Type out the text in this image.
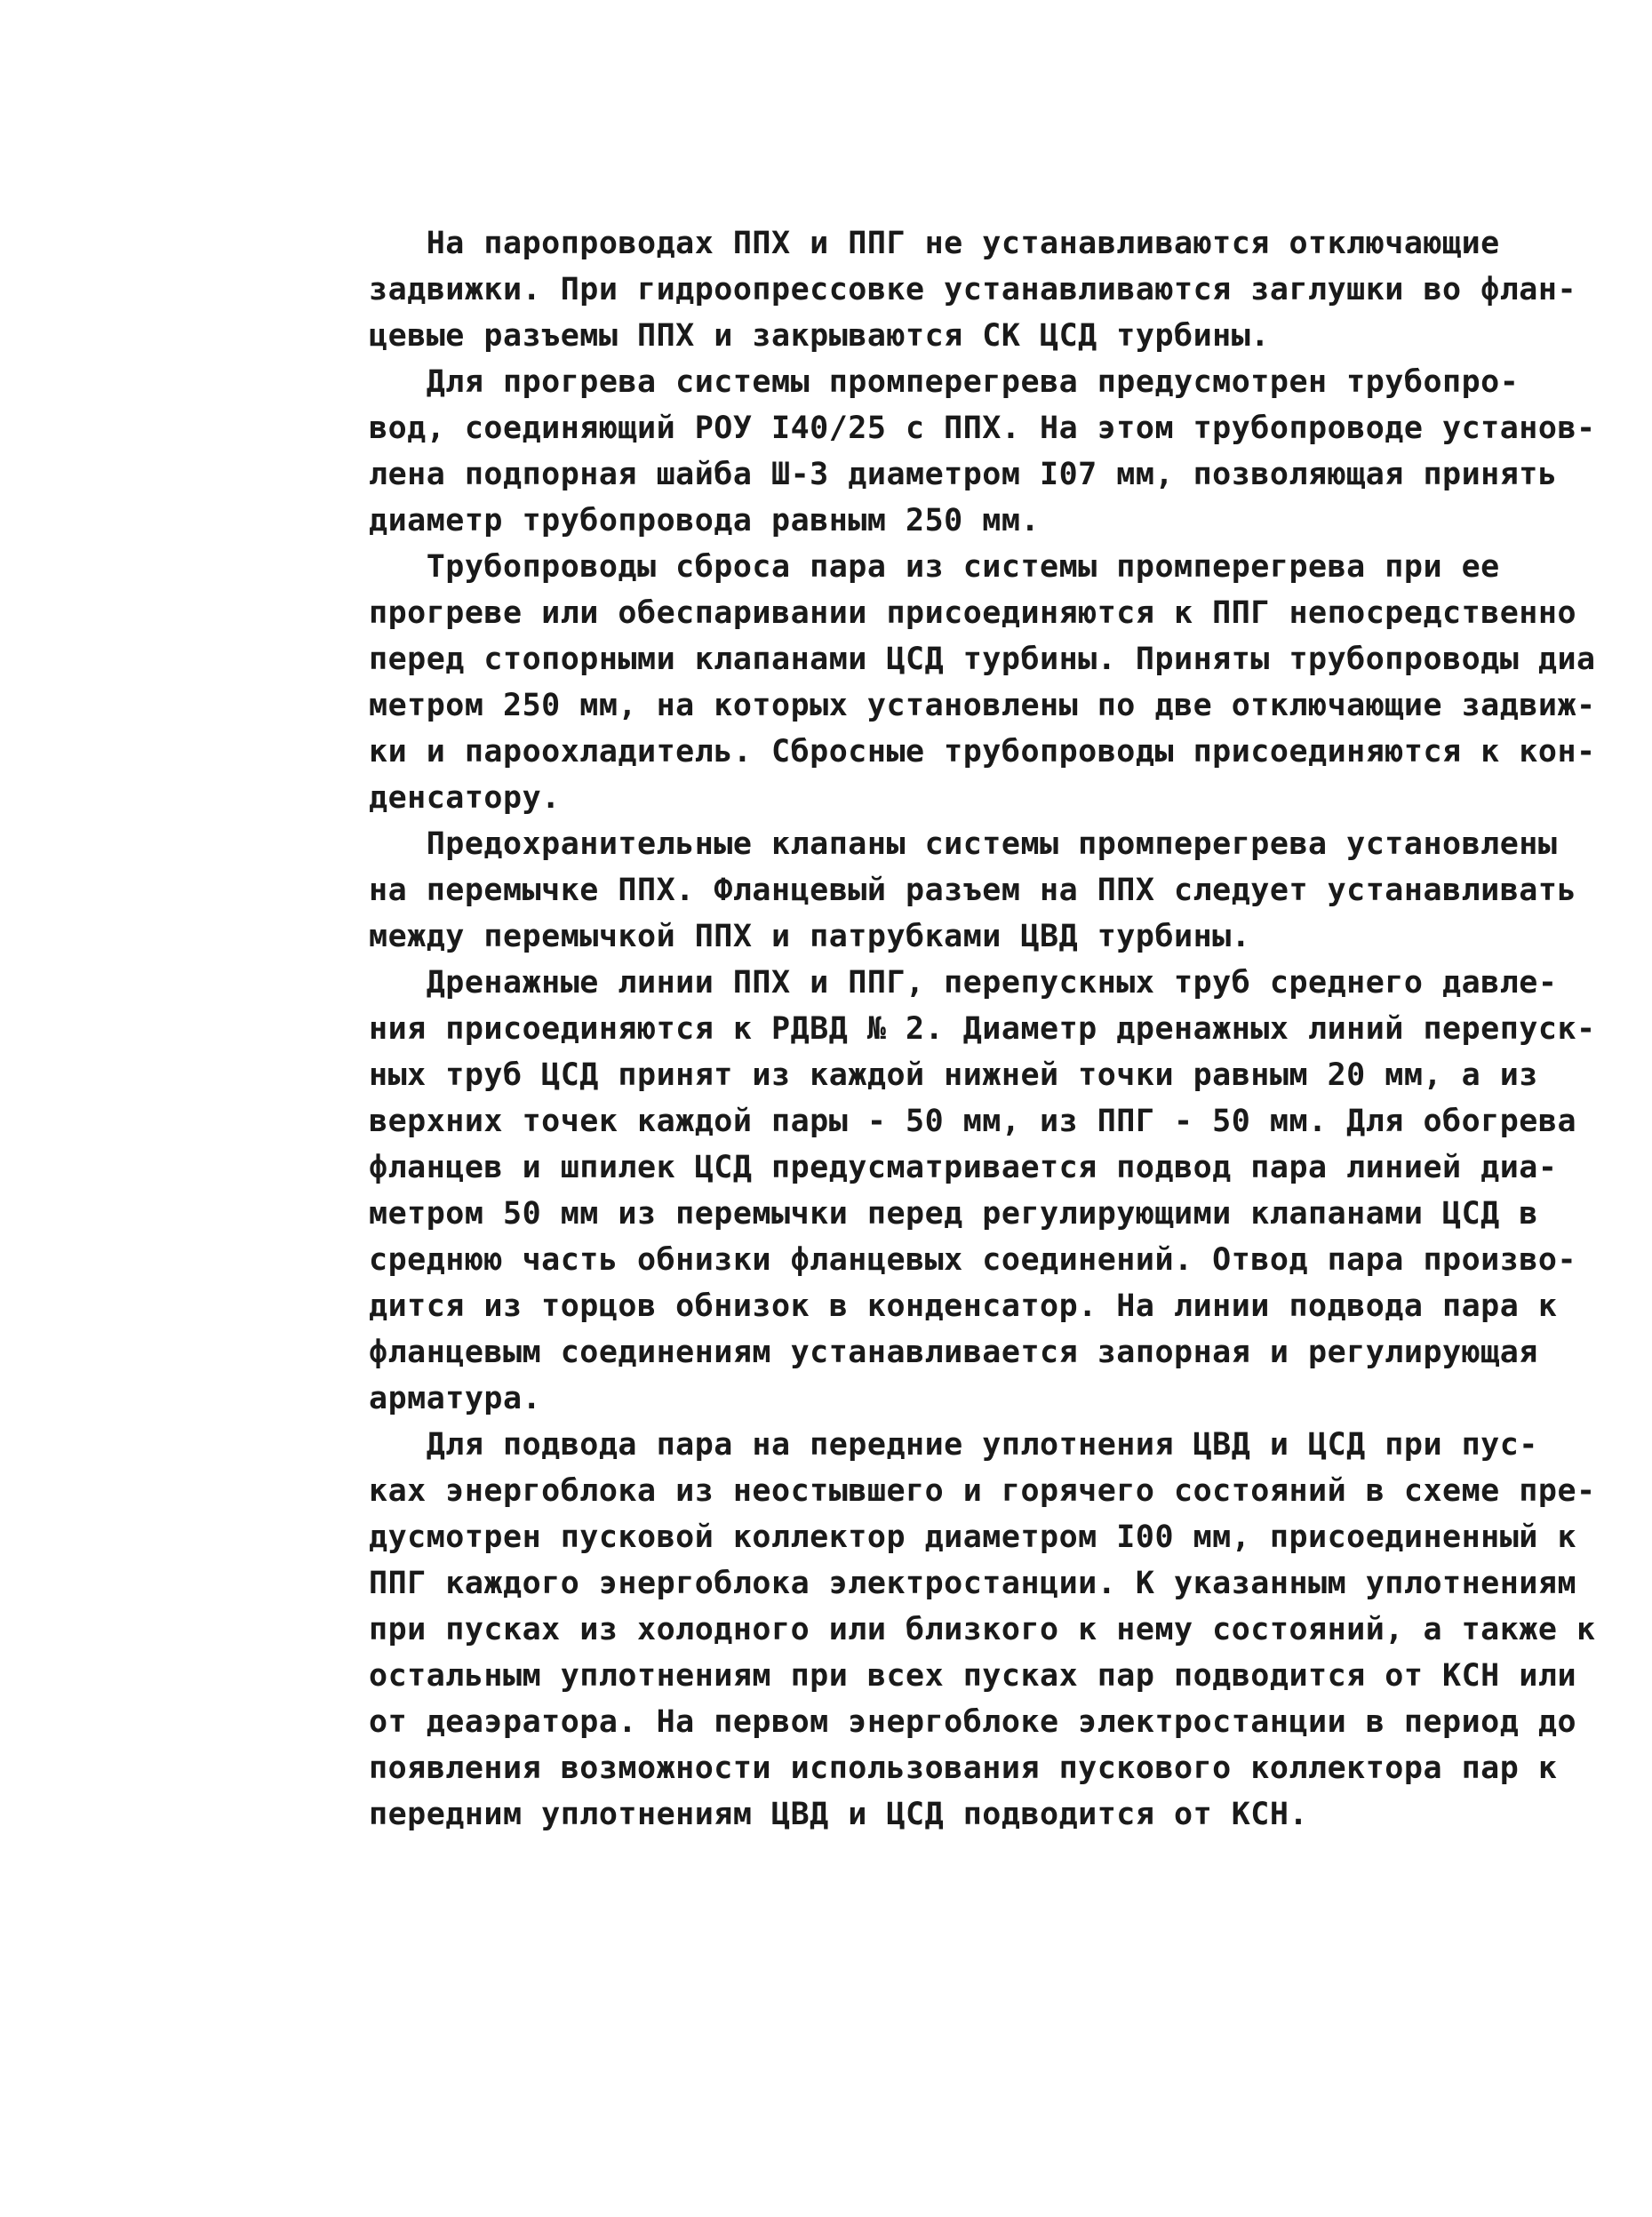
На паропроводах ППХ и ППГ не устанавливаются отключающие
задвижки. При гидроопрессовке устанавливаются заглушки во флан-
цевые разъемы ППХ и закрываются СК ЦСД турбины.
Для прогрева системы промперегрева предусмотрен трубопро-
вод, соединяющий РОУ I40/25 с ППХ. На этом трубопроводе установ-
лена подпорная шайба Ш-3 диаметром I07 мм, позволяющая принять
диаметр трубопровода равным 250 мм.
Трубопроводы сброса пара из системы промперегрева при ее
прогреве или обеспаривании присоединяются к ППГ непосредственно
перед стопорными клапанами ЦСД турбины. Приняты трубопроводы диа
метром 250 мм, на которых установлены по две отключающие задвиж-
ки и пароохладитель. Сбросные трубопроводы присоединяются к кон-
денсатору.
Предохранительные клапаны системы промперегрева установлены
на перемычке ППХ. Фланцевый разъем на ППХ следует устанавливать
между перемычкой ППХ и патрубками ЦВД турбины.
Дренажные линии ППХ и ППГ, перепускных труб среднего давле-
ния присоединяются к РДВД № 2. Диаметр дренажных линий перепуск-
ных труб ЦСД принят из каждой нижней точки равным 20 мм, а из
верхних точек каждой пары - 50 мм, из ППГ - 50 мм. Для обогрева
фланцев и шпилек ЦСД предусматривается подвод пара линией диа-
метром 50 мм из перемычки перед регулирующими клапанами ЦСД в
среднюю часть обнизки фланцевых соединений. Отвод пара произво-
дится из торцов обнизок в конденсатор. На линии подвода пара к
фланцевым соединениям устанавливается запорная и регулирующая
арматура.
Для подвода пара на передние уплотнения ЦВД и ЦСД при пус-
ках энергоблока из неостывшего и горячего состояний в схеме пре-
дусмотрен пусковой коллектор диаметром I00 мм, присоединенный к
ППГ каждого энергоблока электростанции. К указанным уплотнениям
при пусках из холодного или близкого к нему состояний, а также к
остальным уплотнениям при всех пусках пар подводится от КСН или
от деаэратора. На первом энергоблоке электростанции в период до
появления возможности использования пускового коллектора пар к
передним уплотнениям ЦВД и ЦСД подводится от КСН.
